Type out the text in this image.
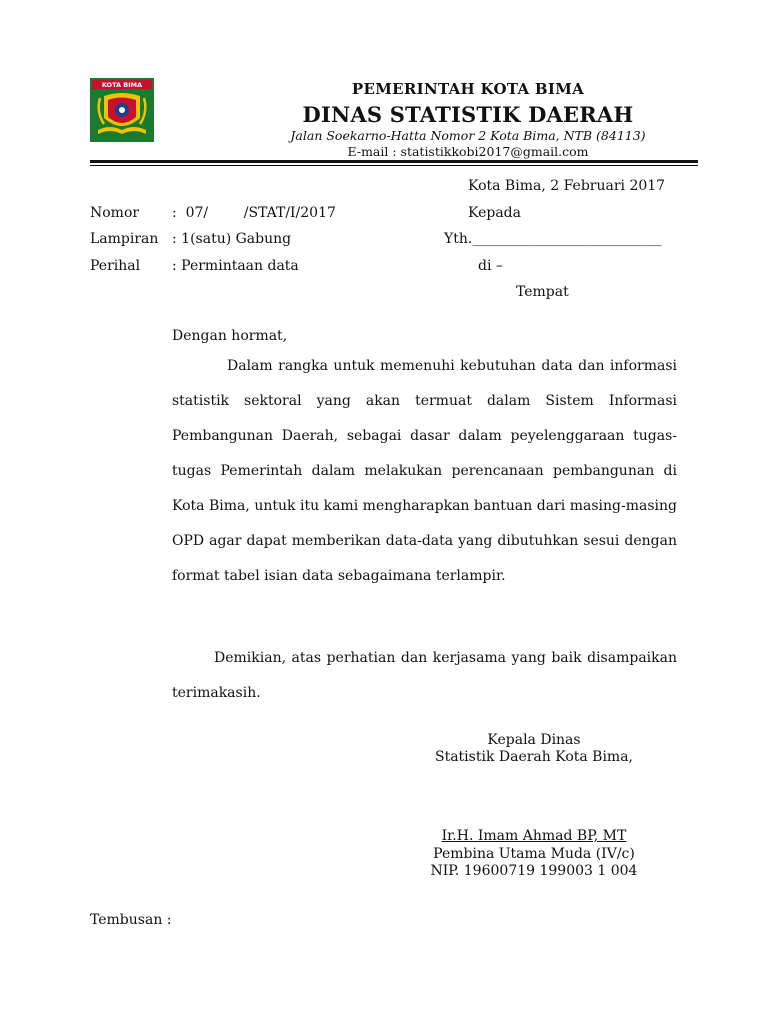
KOTA BIMA	PEMERINTAH KOTA BIMA
DINAS STATISTIK DAERAH
Jalan Soekarno-Hatta Nomor 2 Kota Bima, NTB (84113)
E-mail : statistikkobi2017@gmail.com
Kota Bima, 2 Februari 2017
Nomor :  07/        /STAT/I/2017
Lampiran : 1(satu) Gabung
Perihal : Permintaan data
Kepada
Yth.___________________________
di –
Tempat
Dengan hormat,
Dalam rangka untuk memenuhi kebutuhan data dan informasi statistik sektoral yang akan termuat dalam Sistem Informasi Pembangunan Daerah, sebagai dasar dalam peyelenggaraan tugas-tugas Pemerintah dalam melakukan perencanaan pembangunan di Kota Bima, untuk itu kami mengharapkan bantuan dari masing-masing OPD agar dapat memberikan data-data yang dibutuhkan sesui dengan format tabel isian data sebagaimana terlampir.
Demikian, atas perhatian dan kerjasama yang baik disampaikan terimakasih.
Kepala Dinas
Statistik Daerah Kota Bima,
Ir.H. Imam Ahmad BP, MT
Pembina Utama Muda (IV/c)
NIP. 19600719 199003 1 004
Tembusan :
